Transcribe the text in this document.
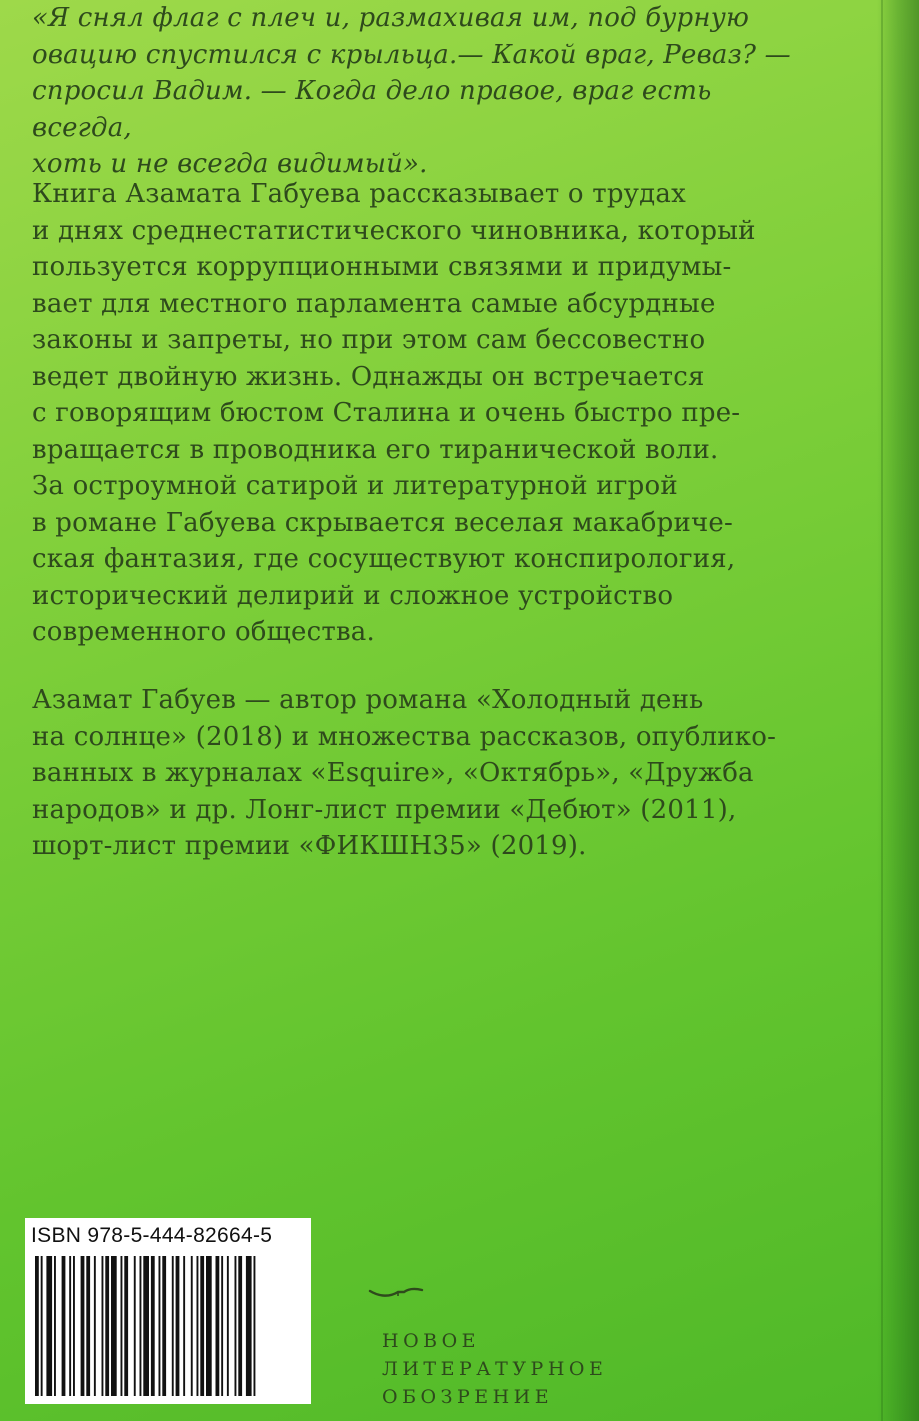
«Я снял флаг с плеч и, размахивая им, под бурную
овацию спустился с крыльца.— Какой враг, Реваз? —
спросил Вадим. — Когда дело правое, враг есть всегда,
хоть и не всегда видимый».
Книга Азамата Габуева рассказывает о трудах
и днях среднестатистического чиновника, который
пользуется коррупционными связями и придумы-
вает для местного парламента самые абсурдные
законы и запреты, но при этом сам бессовестно
ведет двойную жизнь. Однажды он встречается
с говорящим бюстом Сталина и очень быстро пре-
вращается в проводника его тиранической воли.
За остроумной сатирой и литературной игрой
в романе Габуева скрывается веселая макабриче-
ская фантазия, где сосуществуют конспирология,
исторический делирий и сложное устройство
современного общества.
Азамат Габуев — автор романа «Холодный день
на солнце» (2018) и множества рассказов, опублико-
ванных в журналах «Esquire», «Октябрь», «Дружба
народов» и др. Лонг-лист премии «Дебют» (2011),
шорт-лист премии «ФИКШН35» (2019).
ISBN 978-5-444-82664-5
НОВОЕ
ЛИТЕРАТУРНОЕ
ОБОЗРЕНИЕ
